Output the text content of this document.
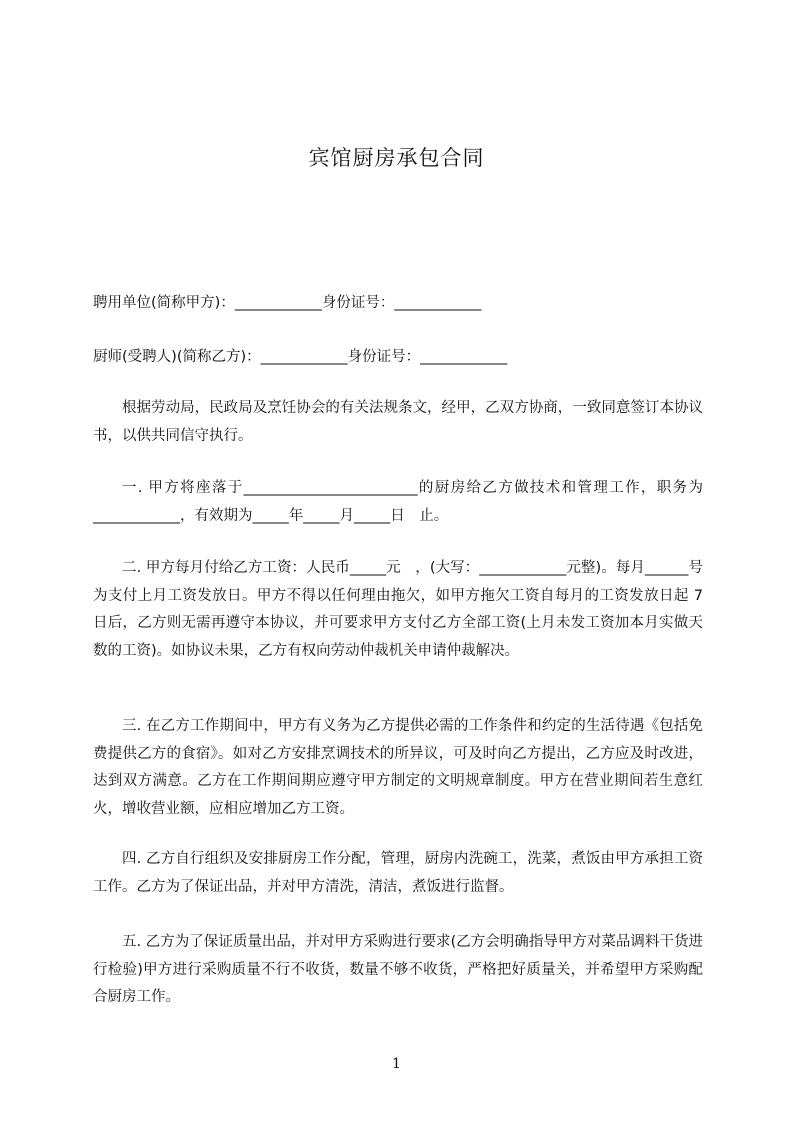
宾馆厨房承包合同
聘用单位(简称甲方)：____________身份证号：____________
厨师(受聘人)(简称乙方)：____________身份证号：____________

根据劳动局，民政局及烹饪协会的有关法规条文，经甲，乙双方协商，一致同意签订本协议书，以供共同信守执行。

一. 甲方将座落于________________________的厨房给乙方做技术和管理工作，职务为____________，有效期为_____年_____月_____日　止。

二. 甲方每月付给乙方工资：人民币_____元　，(大写：____________元整)。每月______号为支付上月工资发放日。甲方不得以任何理由拖欠，如甲方拖欠工资自每月的工资发放日起 7 日后，乙方则无需再遵守本协议，并可要求甲方支付乙方全部工资(上月未发工资加本月实做天数的工资)。如协议未果，乙方有权向劳动仲裁机关申请仲裁解决。

三. 在乙方工作期间中，甲方有义务为乙方提供必需的工作条件和约定的生活待遇《包括免费提供乙方的食宿》。如对乙方安排烹调技术的所异议，可及时向乙方提出，乙方应及时改进，达到双方满意。乙方在工作期间期应遵守甲方制定的文明规章制度。甲方在营业期间若生意红火，增收营业额，应相应增加乙方工资。

四. 乙方自行组织及安排厨房工作分配，管理，厨房内洗碗工，洗菜，煮饭由甲方承担工资工作。乙方为了保证出品，并对甲方清洗，清洁，煮饭进行监督。

五. 乙方为了保证质量出品，并对甲方采购进行要求(乙方会明确指导甲方对菜品调料干货进行检验)甲方进行采购质量不行不收货，数量不够不收货，严格把好质量关，并希望甲方采购配合厨房工作。

1
